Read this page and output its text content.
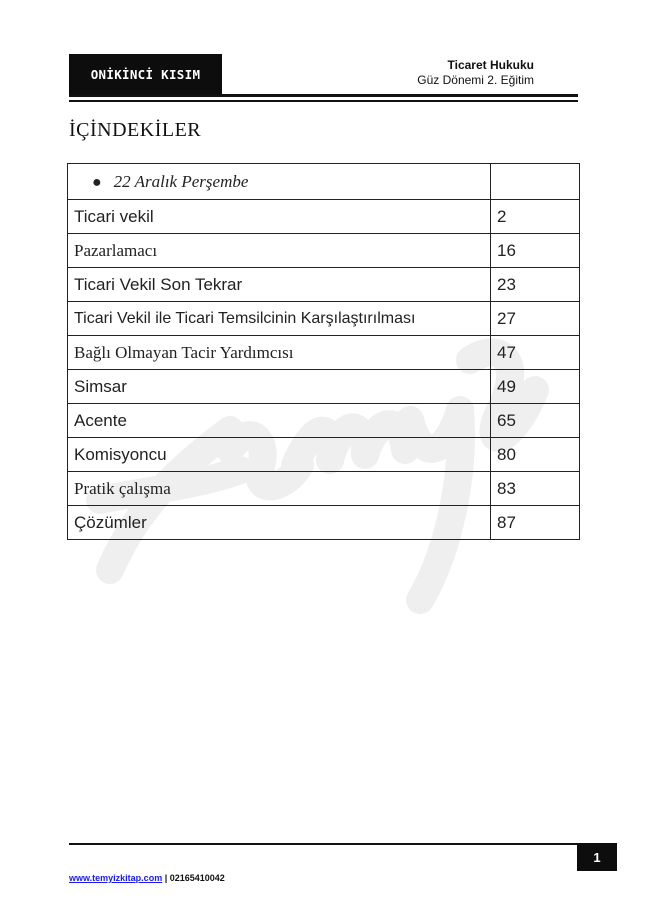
ONİKİNCİ KISIM
Ticaret Hukuku
Güz Dönemi 2. Eğitim
İÇİNDEKİLER
● 22 Aralık Perşembe	
Ticari vekil	2
Pazarlamacı	16
Ticari Vekil Son Tekrar	23
Ticari Vekil ile Ticari Temsilcinin Karşılaştırılması	27
Bağlı Olmayan Tacir Yardımcısı	47
Simsar	49
Acente	65
Komisyoncu	80
Pratik çalışma	83
Çözümler	87
1
www.temyizkitap.com | 02165410042
